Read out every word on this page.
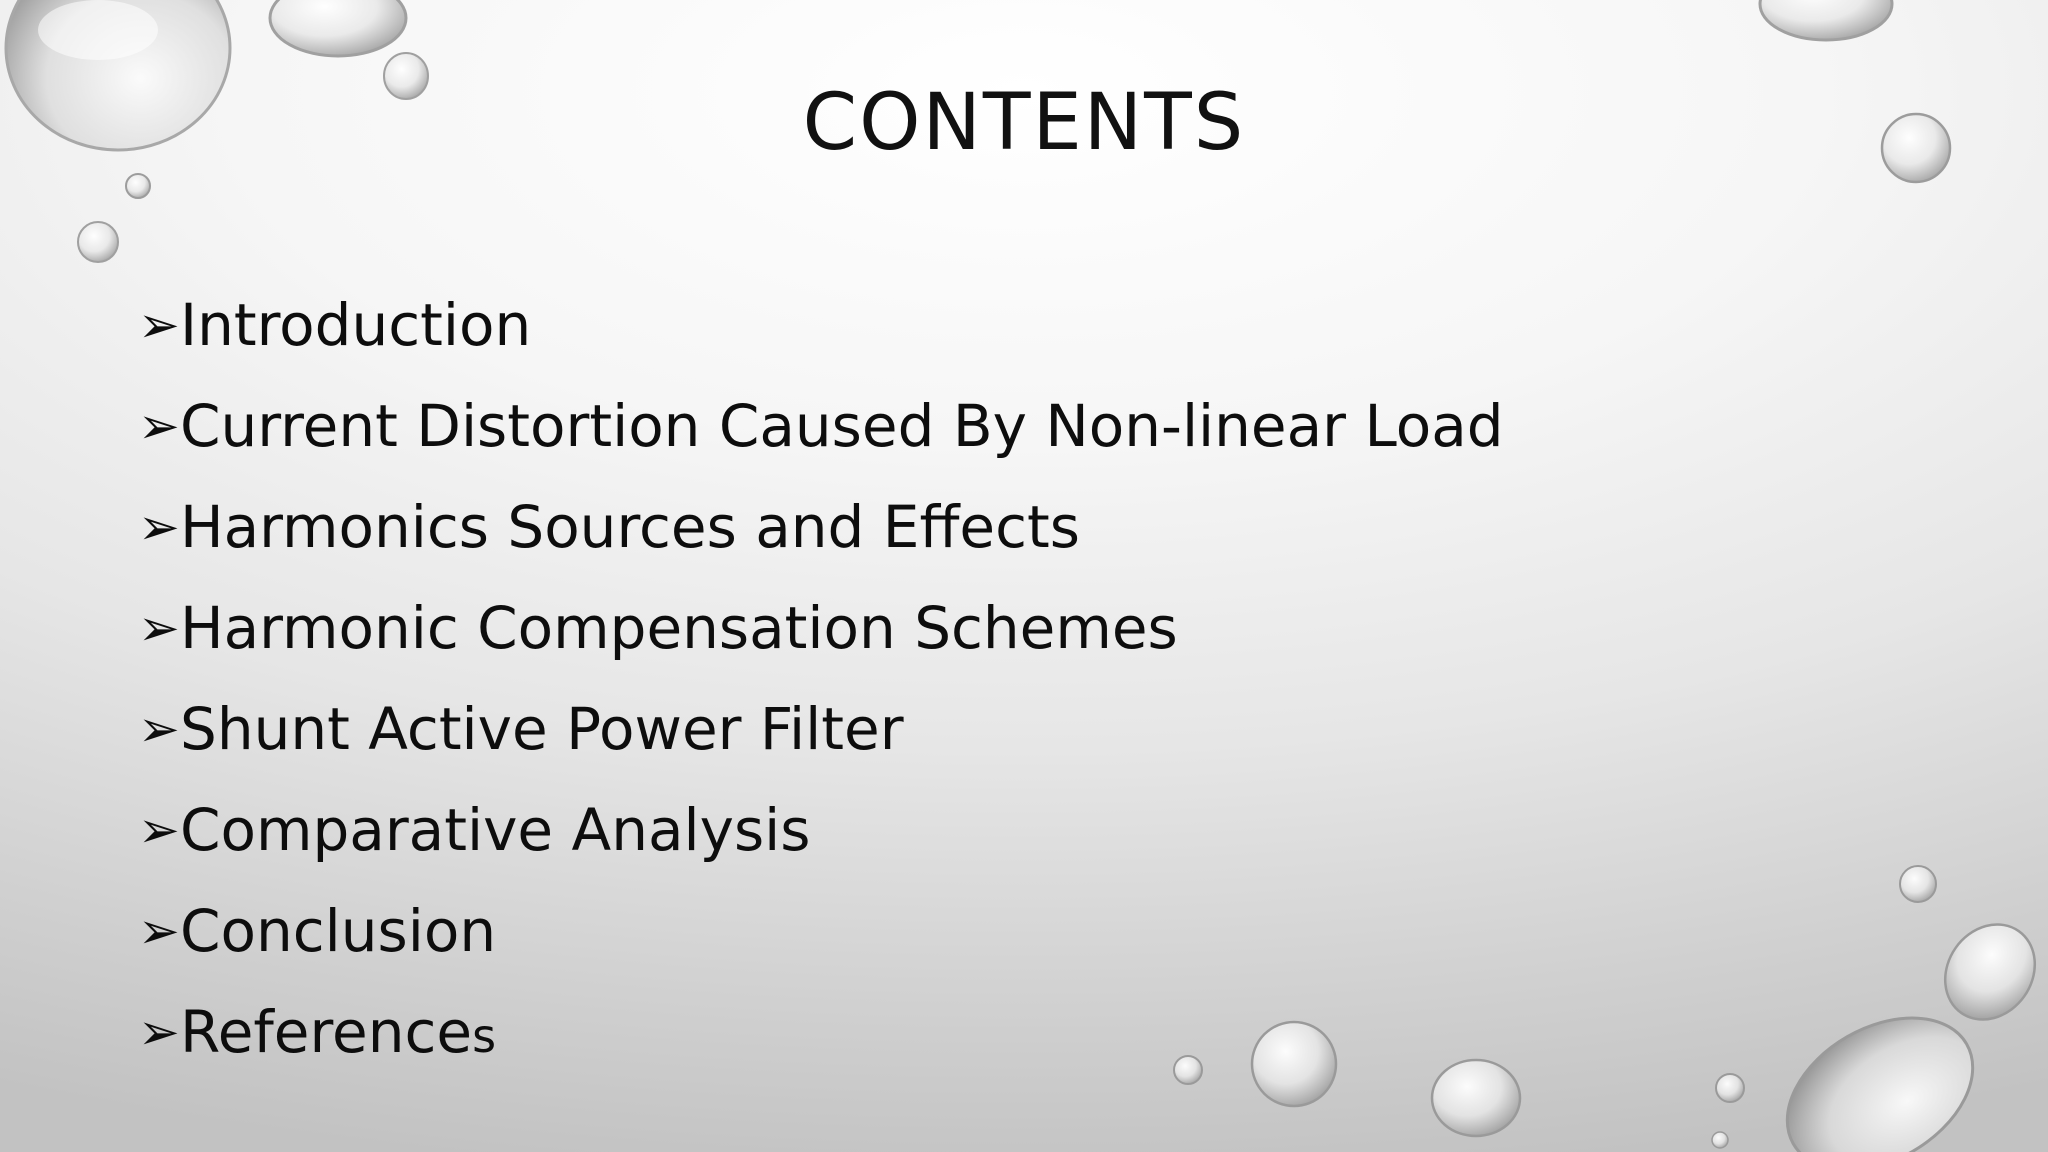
CONTENTS
➢ Introduction
➢ Current Distortion Caused By Non-linear Load
➢ Harmonics Sources and Effects
➢ Harmonic Compensation Schemes
➢ Shunt Active Power Filter
➢ Comparative Analysis
➢ Conclusion
➢ References
